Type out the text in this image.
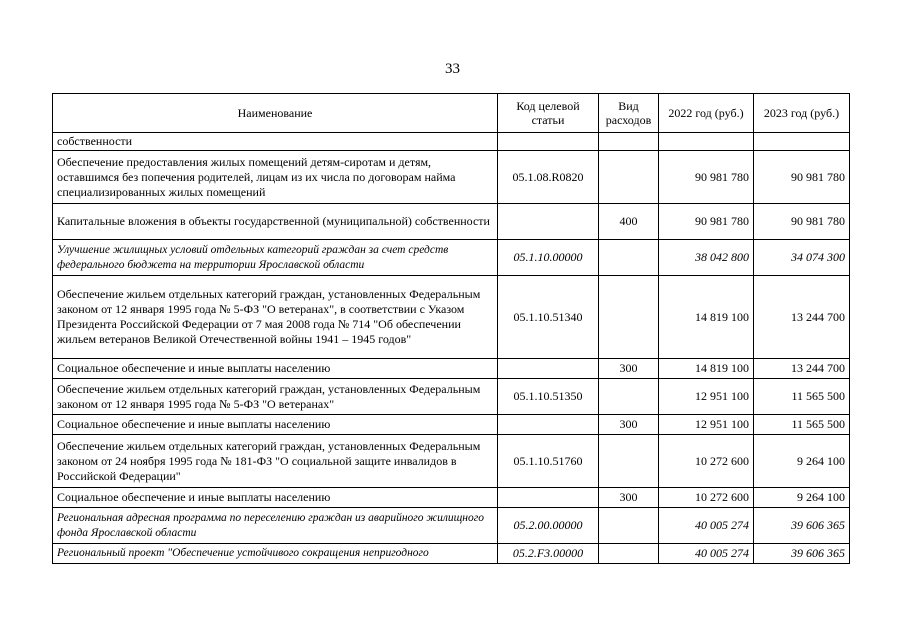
33
Наименование	Код целевой статьи	Вид расходов	2022 год (руб.)	2023 год (руб.)
собственности				
Обеспечение предоставления жилых помещений детям-сиротам и детям, оставшимся без попечения родителей, лицам из их числа по договорам найма специализированных жилых помещений	05.1.08.R0820		90 981 780	90 981 780
Капитальные вложения в объекты государственной (муниципальной) собственности		400	90 981 780	90 981 780
Улучшение жилищных условий отдельных категорий граждан за счет средств федерального бюджета на территории Ярославской области	05.1.10.00000		38 042 800	34 074 300
Обеспечение жильем отдельных категорий граждан, установленных Федеральным законом от 12 января 1995 года № 5-ФЗ "О ветеранах", в соответствии с Указом Президента Российской Федерации от 7 мая 2008 года № 714 "Об обеспечении жильем ветеранов Великой Отечественной войны 1941 – 1945 годов"	05.1.10.51340		14 819 100	13 244 700
Социальное обеспечение и иные выплаты населению		300	14 819 100	13 244 700
Обеспечение жильем отдельных категорий граждан, установленных Федеральным законом от 12 января 1995 года № 5-ФЗ "О ветеранах"	05.1.10.51350		12 951 100	11 565 500
Социальное обеспечение и иные выплаты населению		300	12 951 100	11 565 500
Обеспечение жильем отдельных категорий граждан, установленных Федеральным законом от 24 ноября 1995 года № 181-ФЗ "О социальной защите инвалидов в Российской Федерации"	05.1.10.51760		10 272 600	9 264 100
Социальное обеспечение и иные выплаты населению		300	10 272 600	9 264 100
Региональная адресная программа по переселению граждан из аварийного жилищного фонда Ярославской области	05.2.00.00000		40 005 274	39 606 365
Региональный проект "Обеспечение устойчивого сокращения непригодного	05.2.F3.00000		40 005 274	39 606 365
